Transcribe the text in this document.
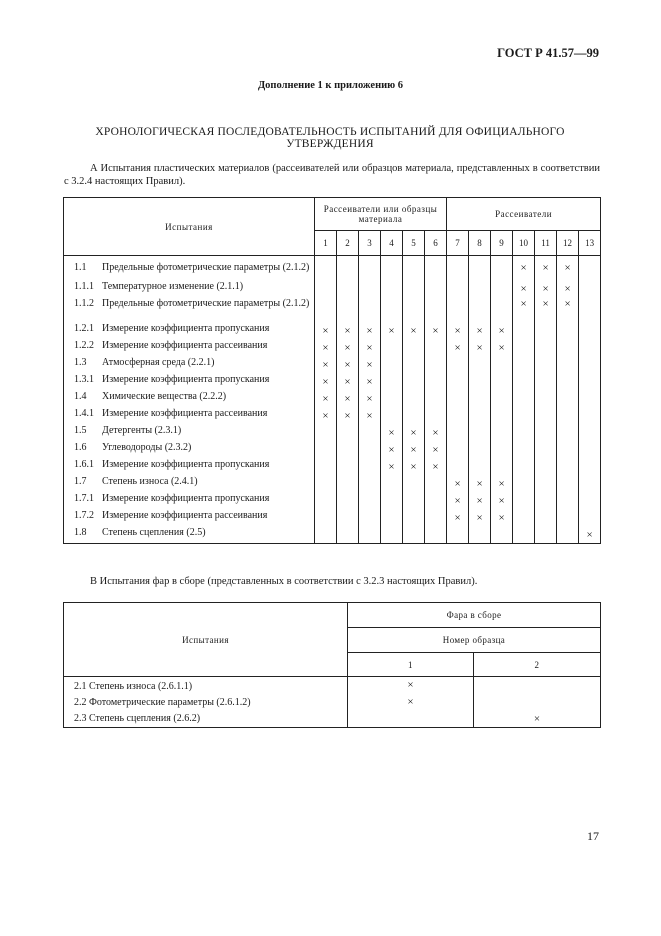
ГОСТ Р 41.57—99
Дополнение 1 к приложению 6
ХРОНОЛОГИЧЕСКАЯ ПОСЛЕДОВАТЕЛЬНОСТЬ ИСПЫТАНИЙ ДЛЯ ОФИЦИАЛЬНОГО УТВЕРЖДЕНИЯ
А Испытания пластических материалов (рассеивателей или образцов материала, представленных в соответствии с 3.2.4 настоящих Правил).
Испытания	Рассеиватели или образцы материала						Рассеиватели						
	1	2	3	4	5	6	7	8	9	10	11	12	13

1.1 Предельные фотометрические параметры (2.1.2)										×	×	×	

1.1.1 Температурное изменение (2.1.1)										×	×	×	

1.1.2 Предельные фотометрические параметры (2.1.2)										×	×	×	

1.2.1 Измерение коэффициента пропускания	×	×	×	×	×	×	×	×	×				

1.2.2 Измерение коэффициента рассеивания	×	×	×				×	×	×				

1.3 Атмосферная среда (2.2.1)	×	×	×										

1.3.1 Измерение коэффициента пропускания	×	×	×										

1.4 Химические вещества (2.2.2)	×	×	×										

1.4.1 Измерение коэффициента рассеивания	×	×	×										

1.5 Детергенты (2.3.1)				×	×	×							

1.6 Углеводороды (2.3.2)				×	×	×							

1.6.1 Измерение коэффициента пропускания				×	×	×							

1.7 Степень износа (2.4.1)							×	×	×				

1.7.1 Измерение коэффициента пропускания							×	×	×				

1.7.2 Измерение коэффициента рассеивания							×	×	×				

1.8 Степень сцепления (2.5)													×
В Испытания фар в сборе (представленных в соответствии с 3.2.3 настоящих Правил).
Испытания	Фара в сборе	
	Номер образца	
	1	2
2.1 Степень износа (2.6.1.1)	×	
2.2 Фотометрические параметры (2.6.1.2)	×	
2.3 Степень сцепления (2.6.2)		×
17
